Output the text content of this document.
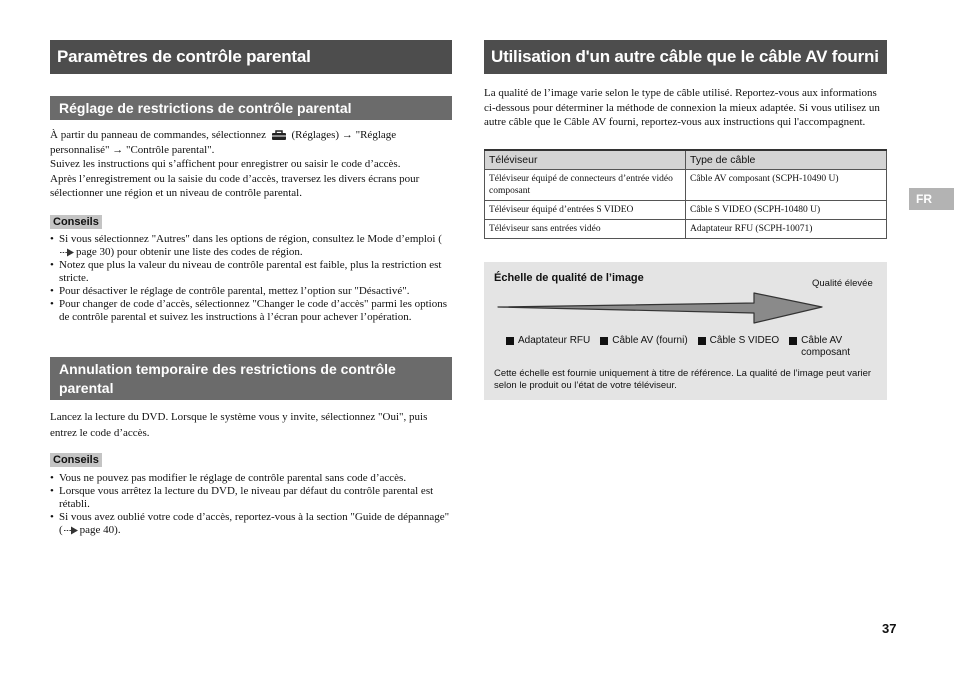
Paramètres de contrôle parental
Réglage de restrictions de contrôle parental
À partir du panneau de commandes, sélectionnez (Réglages) → "Réglage personnalisé" → "Contrôle parental".
Suivez les instructions qui s’affichent pour enregistrer ou saisir le code d’accès.
Après l’enregistrement ou la saisie du code d’accès, traversez les divers écrans pour sélectionner une région et un niveau de contrôle parental.
Conseils
• Si vous sélectionnez "Autres" dans les options de région, consultez le Mode d’emploi (page 30) pour obtenir une liste des codes de région.
• Notez que plus la valeur du niveau de contrôle parental est faible, plus la restriction est stricte.
• Pour désactiver le réglage de contrôle parental, mettez l’option sur "Désactivé".
• Pour changer de code d’accès, sélectionnez "Changer le code d’accès" parmi les options de contrôle parental et suivez les instructions à l’écran pour achever l’opération.
Annulation temporaire des restrictions de contrôle parental
Lancez la lecture du DVD. Lorsque le système vous y invite, sélectionnez "Oui", puis entrez le code d’accès.
Conseils
• Vous ne pouvez pas modifier le réglage de contrôle parental sans code d’accès.
• Lorsque vous arrêtez la lecture du DVD, le niveau par défaut du contrôle parental est rétabli.
• Si vous avez oublié votre code d’accès, reportez-vous à la section "Guide de dépannage" ( page 40).
Utilisation d'un autre câble que le câble AV fourni
La qualité de l’image varie selon le type de câble utilisé. Reportez-vous aux informations ci-dessous pour déterminer la méthode de connexion la mieux adaptée. Si vous utilisez un autre câble que le Câble AV fourni, reportez-vous aux instructions qui l'accompagnent.
Téléviseur	Type de câble
Téléviseur équipé de connecteurs d’entrée vidéo composant	Câble AV composant (SCPH-10490 U)
Téléviseur équipé d’entrées S VIDEO	Câble S VIDEO (SCPH-10480 U)
Téléviseur sans entrées vidéo	Adaptateur RFU (SCPH-10071)
Échelle de qualité de l’image	Qualité élevée
Adaptateur RFU Câble AV (fourni) Câble S VIDEO Câble AV composant
Cette échelle est fournie uniquement à titre de référence. La qualité de l’image peut varier selon le produit ou l’état de votre téléviseur.
FR
37
